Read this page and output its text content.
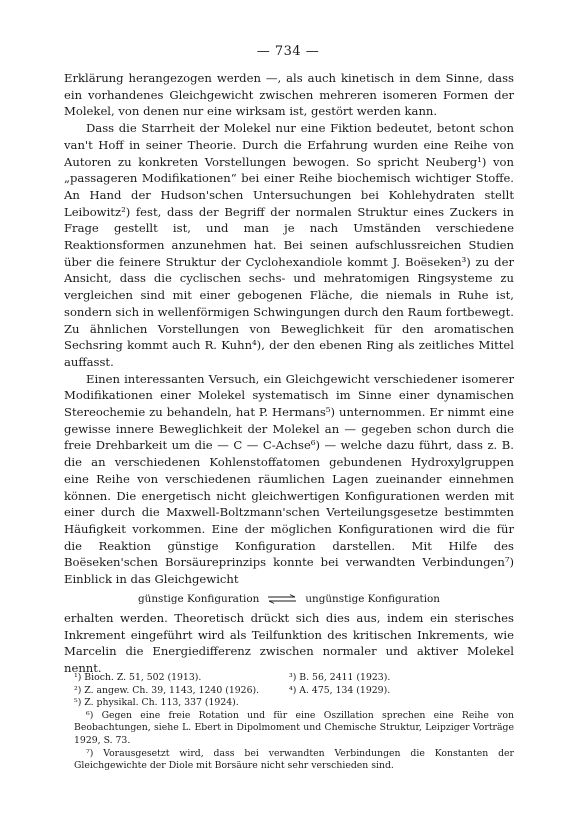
— 734 —

Erklärung herangezogen werden —, als auch kinetisch in dem Sinne, dass ein vorhandenes Gleichgewicht zwischen mehreren isomeren Formen der Molekel, von denen nur eine wirksam ist, gestört werden kann.

Dass die Starrheit der Molekel nur eine Fiktion bedeutet, betont schon van't Hoff in seiner Theorie. Durch die Erfahrung wurden eine Reihe von Autoren zu konkreten Vorstellungen bewogen. So spricht Neuberg¹) von „passageren Modifikationen“ bei einer Reihe biochemisch wichtiger Stoffe. An Hand der Hudson'schen Untersuchungen bei Kohlehydraten stellt Leibowitz²) fest, dass der Begriff der normalen Struktur eines Zuckers in Frage gestellt ist, und man je nach Umständen verschiedene Reaktionsformen anzunehmen hat. Bei seinen aufschlussreichen Studien über die feinere Struktur der Cyclohexandiole kommt J. Boëseken³) zu der Ansicht, dass die cyclischen sechs- und mehratomigen Ringsysteme zu vergleichen sind mit einer gebogenen Fläche, die niemals in Ruhe ist, sondern sich in wellenförmigen Schwingungen durch den Raum fortbewegt. Zu ähnlichen Vorstellungen von Beweglichkeit für den aromatischen Sechsring kommt auch R. Kuhn⁴), der den ebenen Ring als zeitliches Mittel auffasst.

Einen interessanten Versuch, ein Gleichgewicht verschiedener isomerer Modifikationen einer Molekel systematisch im Sinne einer dynamischen Stereochemie zu behandeln, hat P. Hermans⁵) unternommen. Er nimmt eine gewisse innere Beweglichkeit der Molekel an — gegeben schon durch die freie Drehbarkeit um die — C — C-Achse⁶) — welche dazu führt, dass z. B. die an verschiedenen Kohlenstoffatomen gebundenen Hydroxylgruppen eine Reihe von verschiedenen räumlichen Lagen zueinander einnehmen können. Die energetisch nicht gleichwertigen Konfigurationen werden mit einer durch die Maxwell-Boltzmann'schen Verteilungsgesetze bestimmten Häufigkeit vorkommen. Eine der möglichen Konfigurationen wird die für die Reaktion günstige Konfiguration darstellen. Mit Hilfe des Boëseken'schen Borsäureprinzips konnte bei verwandten Verbindungen⁷) Einblick in das Gleichgewicht

günstige Konfiguration ⇌ ungünstige Konfiguration

erhalten werden. Theoretisch drückt sich dies aus, indem ein sterisches Inkrement eingeführt wird als Teilfunktion des kritischen Inkrements, wie Marcelin die Energiedifferenz zwischen normaler und aktiver Molekel nennt.

¹) Bioch. Z. 51, 502 (1913).	³) B. 56, 2411 (1923).

²) Z. angew. Ch. 39, 1143, 1240 (1926).	⁴) A. 475, 134 (1929).

⁵) Z. physikal. Ch. 113, 337 (1924).

⁶) Gegen eine freie Rotation und für eine Oszillation sprechen eine Reihe von Beobachtungen, siehe L. Ebert in Dipolmoment und Chemische Struktur, Leipziger Vorträge 1929, S. 73.

⁷) Vorausgesetzt wird, dass bei verwandten Verbindungen die Konstanten der Gleichgewichte der Diole mit Borsäure nicht sehr verschieden sind.
